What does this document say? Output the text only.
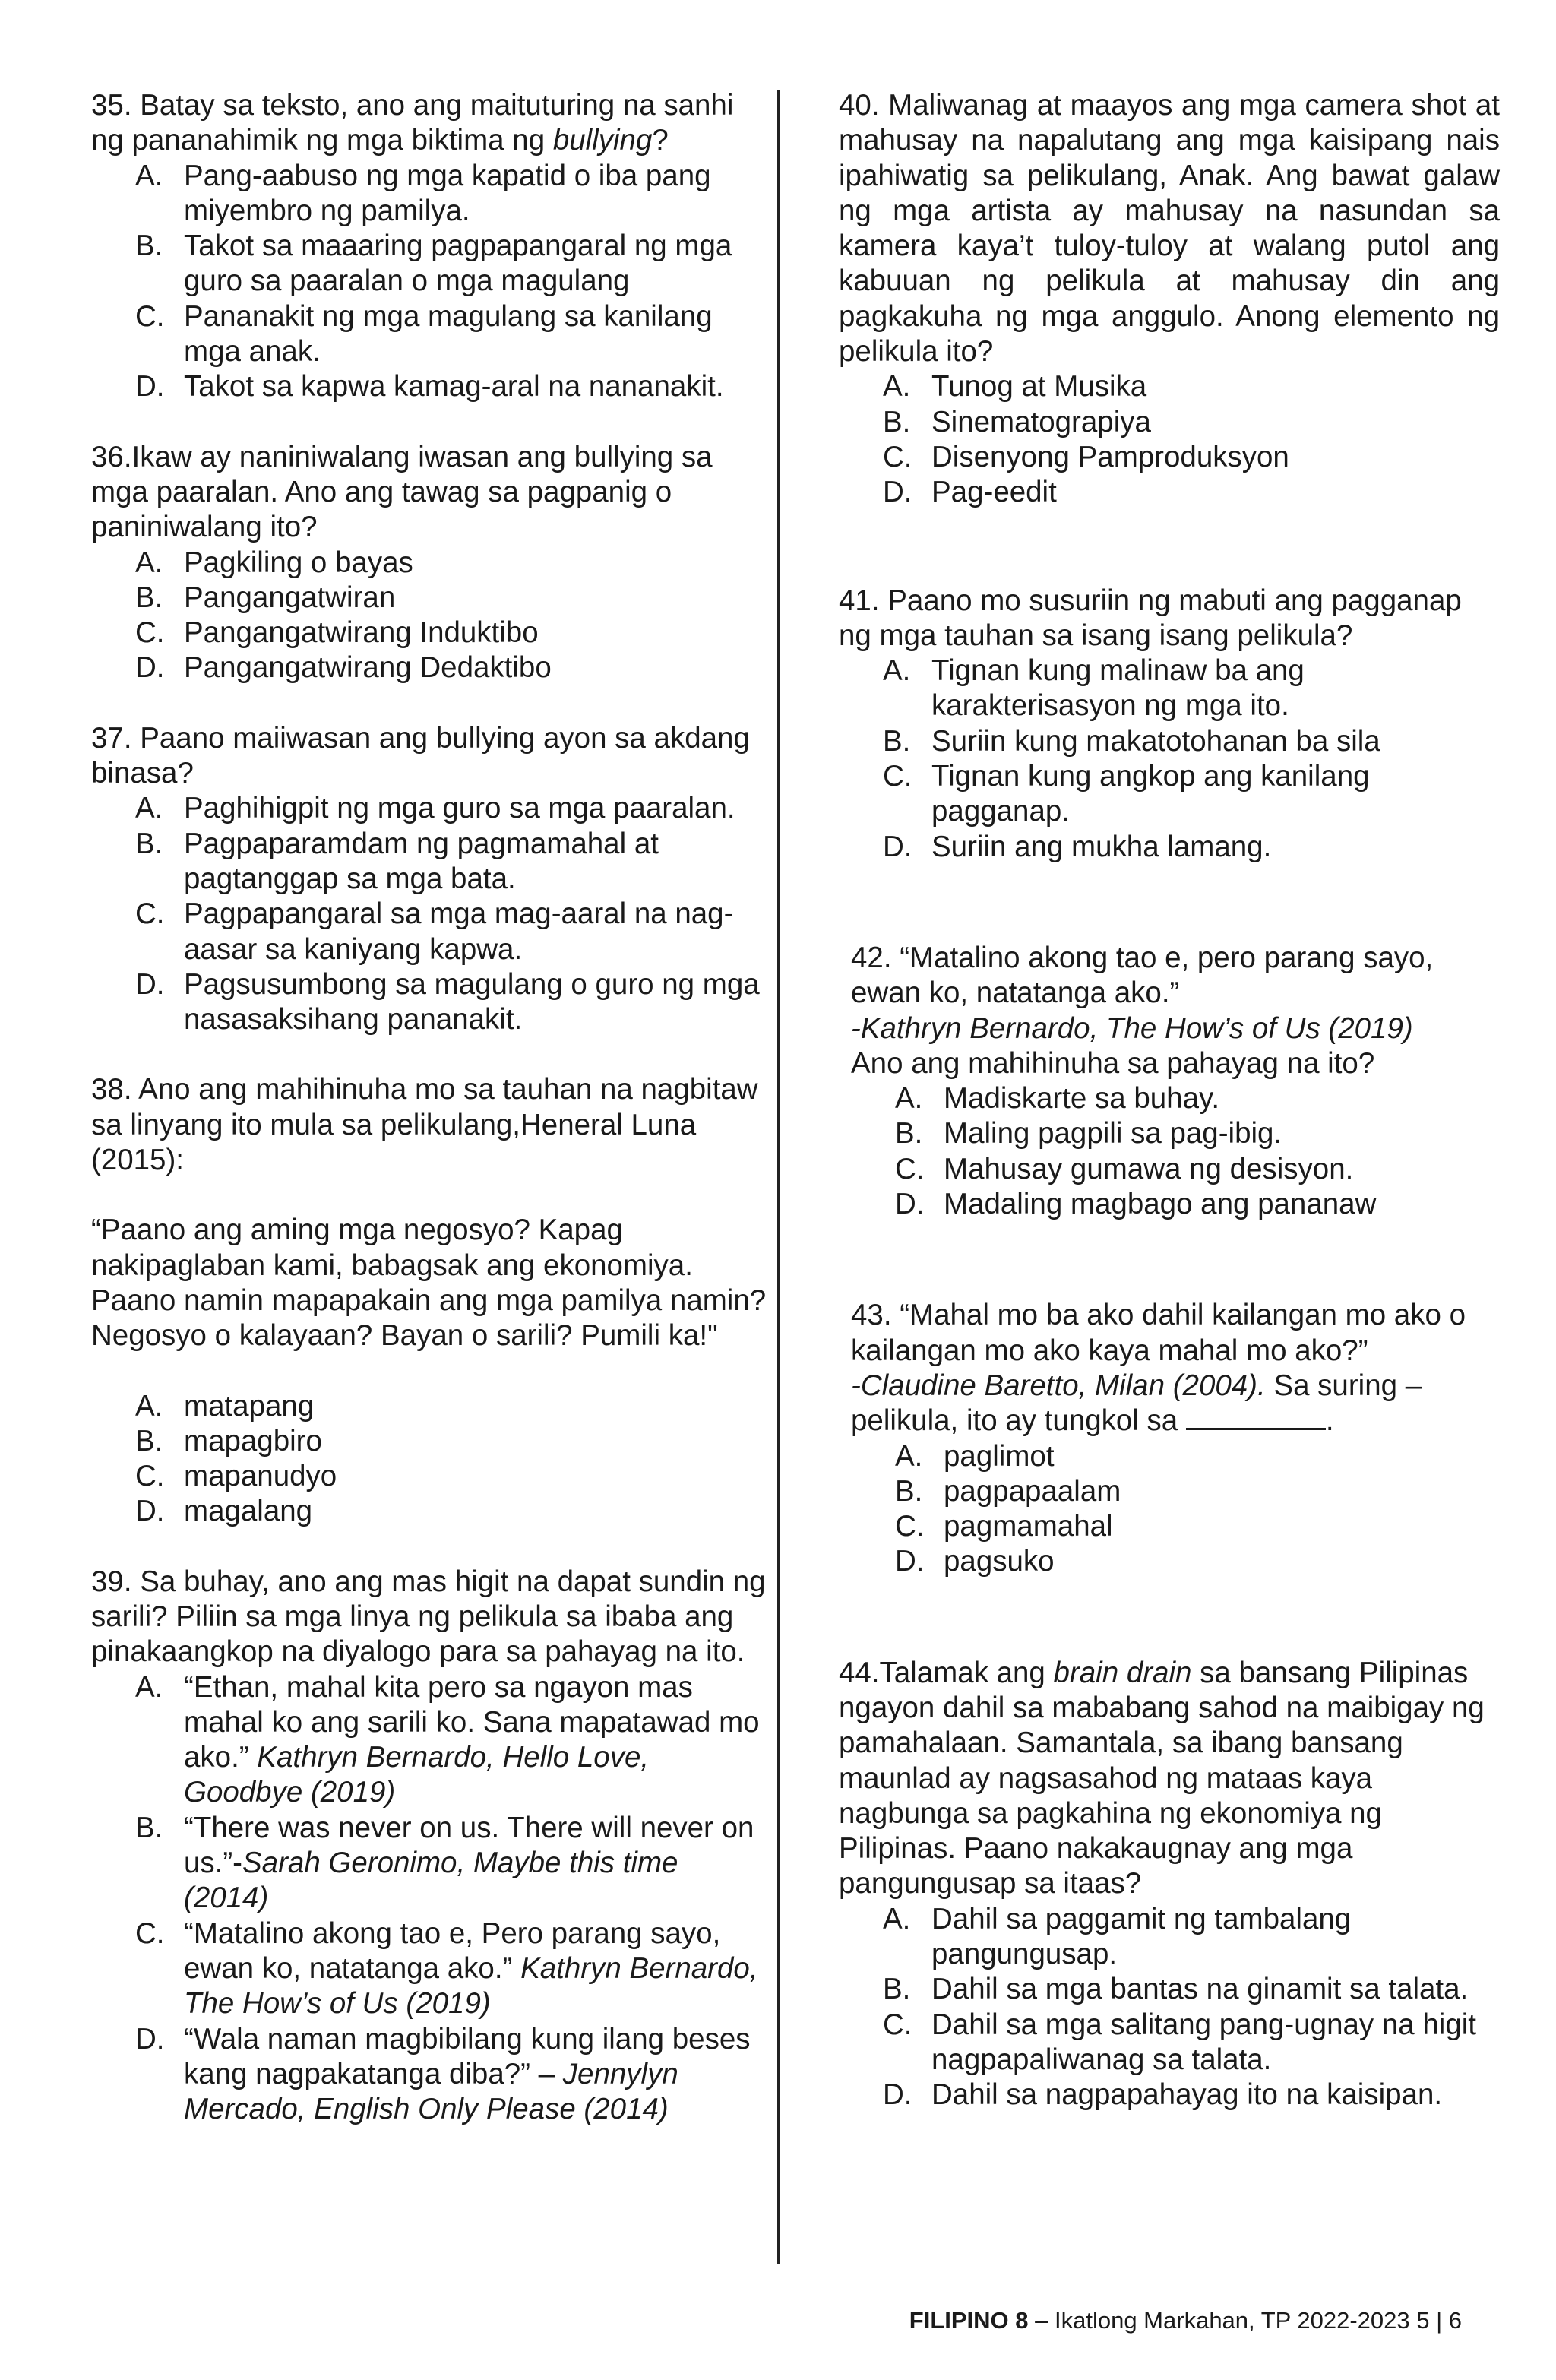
35. Batay sa teksto, ano ang maituturing na sanhi ng pananahimik ng mga biktima ng bullying?

A. Pang-aabuso ng mga kapatid o iba pang miyembro ng pamilya.
B. Takot sa maaaring pagpapangaral ng mga guro sa paaralan o mga magulang
C. Pananakit ng mga magulang sa kanilang mga anak.
D. Takot sa kapwa kamag-aral na nananakit.

36.Ikaw ay naniniwalang iwasan ang bullying sa mga paaralan. Ano ang tawag sa pagpanig o paniniwalang ito?

A. Pagkiling o bayas
B. Pangangatwiran
C. Pangangatwirang Induktibo
D. Pangangatwirang Dedaktibo

37. Paano maiiwasan ang bullying ayon sa akdang binasa?

A. Paghihigpit ng mga guro sa mga paaralan.
B. Pagpaparamdam ng pagmamahal at pagtanggap sa mga bata.
C. Pagpapangaral sa mga mag-aaral na nag-aasar sa kaniyang kapwa.
D. Pagsusumbong sa magulang o guro ng mga nasasaksihang pananakit.

38. Ano ang mahihinuha mo sa tauhan na nagbitaw sa linyang ito mula sa pelikulang,Heneral Luna (2015):

“Paano ang aming mga negosyo? Kapag nakipaglaban kami, babagsak ang ekonomiya. Paano namin mapapakain ang mga pamilya namin? Negosyo o kalayaan? Bayan o sarili? Pumili ka!"

A. matapang
B. mapagbiro
C. mapanudyo
D. magalang

39. Sa buhay, ano ang mas higit na dapat sundin ng sarili? Piliin sa mga linya ng pelikula sa ibaba ang pinakaangkop na diyalogo para sa pahayag na ito.

A. “Ethan, mahal kita pero sa ngayon mas mahal ko ang sarili ko. Sana mapatawad mo ako.” Kathryn Bernardo, Hello Love, Goodbye (2019)
B. “There was never on us. There will never on us.”-Sarah Geronimo, Maybe this time (2014)
C. “Matalino akong tao e, Pero parang sayo, ewan ko, natatanga ako.” Kathryn Bernardo, The How’s of Us (2019)
D. “Wala naman magbibilang kung ilang beses kang nagpakatanga diba?” – Jennylyn Mercado, English Only Please (2014)

40. Maliwanag at maayos ang mga camera shot at mahusay na napalutang ang mga kaisipang nais ipahiwatig sa pelikulang, Anak. Ang bawat galaw ng mga artista ay mahusay na nasundan sa kamera kaya’t tuloy-tuloy at walang putol ang kabuuan ng pelikula at mahusay din ang pagkakuha ng mga anggulo. Anong elemento ng pelikula ito?

A. Tunog at Musika
B. Sinematograpiya
C. Disenyong Pamproduksyon
D. Pag-eedit

41. Paano mo susuriin ng mabuti ang pagganap ng mga tauhan sa isang isang pelikula?

A. Tignan kung malinaw ba ang karakterisasyon ng mga ito.
B. Suriin kung makatotohanan ba sila
C. Tignan kung angkop ang kanilang pagganap.
D. Suriin ang mukha lamang.

42. “Matalino akong tao e, pero parang sayo, ewan ko, natatanga ako.”

-Kathryn Bernardo, The How’s of Us (2019)

Ano ang mahihinuha sa pahayag na ito?

A. Madiskarte sa buhay.
B. Maling pagpili sa pag-ibig.
C. Mahusay gumawa ng desisyon.
D. Madaling magbago ang pananaw

43. “Mahal mo ba ako dahil kailangan mo ako o kailangan mo ako kaya mahal mo ako?”

-Claudine Baretto, Milan (2004). Sa suring – pelikula, ito ay tungkol sa	.

A. paglimot
B. pagpapaalam
C. pagmamahal
D. pagsuko

44.Talamak ang brain drain sa bansang Pilipinas ngayon dahil sa mababang sahod na maibigay ng pamahalaan. Samantala, sa ibang bansang maunlad ay nagsasahod ng mataas kaya nagbunga sa pagkahina ng ekonomiya ng Pilipinas. Paano nakakaugnay ang mga pangungusap sa itaas?

A. Dahil sa paggamit ng tambalang pangungusap.
B. Dahil sa mga bantas na ginamit sa talata.
C. Dahil sa mga salitang pang-ugnay na higit nagpapaliwanag sa talata.
D. Dahil sa nagpapahayag ito na kaisipan.
FILIPINO 8 – Ikatlong Markahan, TP 2022-2023 5 | 6
